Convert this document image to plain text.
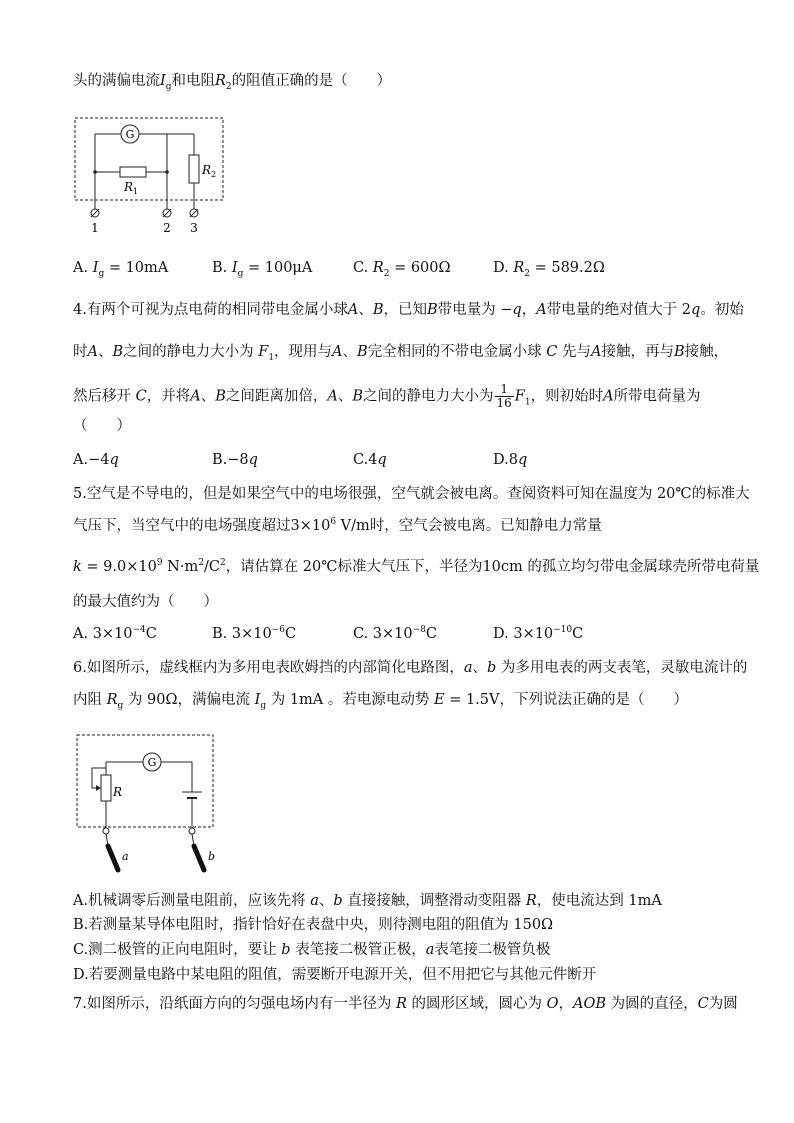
头的满偏电流$I_g$和电阻$R_2$的阻值正确的是（　　）
G
$R_1$
$R_2$
1	2 3
A. $I_g = 10mA$	B. $I_g = 100\mu A$	C. $R_2 = 600\Omega$	D. $R_2 = 589.2\Omega$
4.有两个可视为点电荷的相同带电金属小球A、B，已知B带电量为 −q，A带电量的绝对值大于 2q。初始
时A、B之间的静电力大小为 $F_1$，现用与A、B完全相同的不带电金属小球 C 先与A接触，再与B接触，
然后移开 C，并将A、B之间距离加倍，A、B之间的静电力大小为 $\frac{1}{16} F_1$，则初始时A所带电荷量为
（　　）
A.−4q	B.−8q	C.4q	D.8q
5.空气是不导电的，但是如果空气中的电场很强，空气就会被电离。查阅资料可知在温度为 20℃的标准大
气压下，当空气中的电场强度超过$3\times 10^6$ V/m时，空气会被电离。已知静电力常量
$k = 9.0\times 10^9$ $N\cdot m^2/C^2$，请估算在 20℃标准大气压下，半径为10cm 的孤立均匀带电金属球壳所带电荷量
的最大值约为（　　）
A. $3\times 10^{-4}C$	B. $3\times 10^{-6}C$	C. $3\times 10^{-8}C$	D. $3\times 10^{-10}C$
6.如图所示，虚线框内为多用电表欧姆挡的内部简化电路图，a、b 为多用电表的两支表笔，灵敏电流计的
内阻 $R_g$ 为 90Ω，满偏电流 $I_g$ 为 1mA 。若电源电动势 E = 1.5V，下列说法正确的是（　　）
G
R
a	b
A.机械调零后测量电阻前，应该先将 a、b 直接接触，调整滑动变阻器 R，使电流达到 1mA
B.若测量某导体电阻时，指针恰好在表盘中央，则待测电阻的阻值为 150Ω
C.测二极管的正向电阻时，要让 b 表笔接二极管正极，a表笔接二极管负极
D.若要测量电路中某电阻的阻值，需要断开电源开关，但不用把它与其他元件断开
7.如图所示，沿纸面方向的匀强电场内有一半径为 R 的圆形区域，圆心为 O，AOB 为圆的直径，C为圆
